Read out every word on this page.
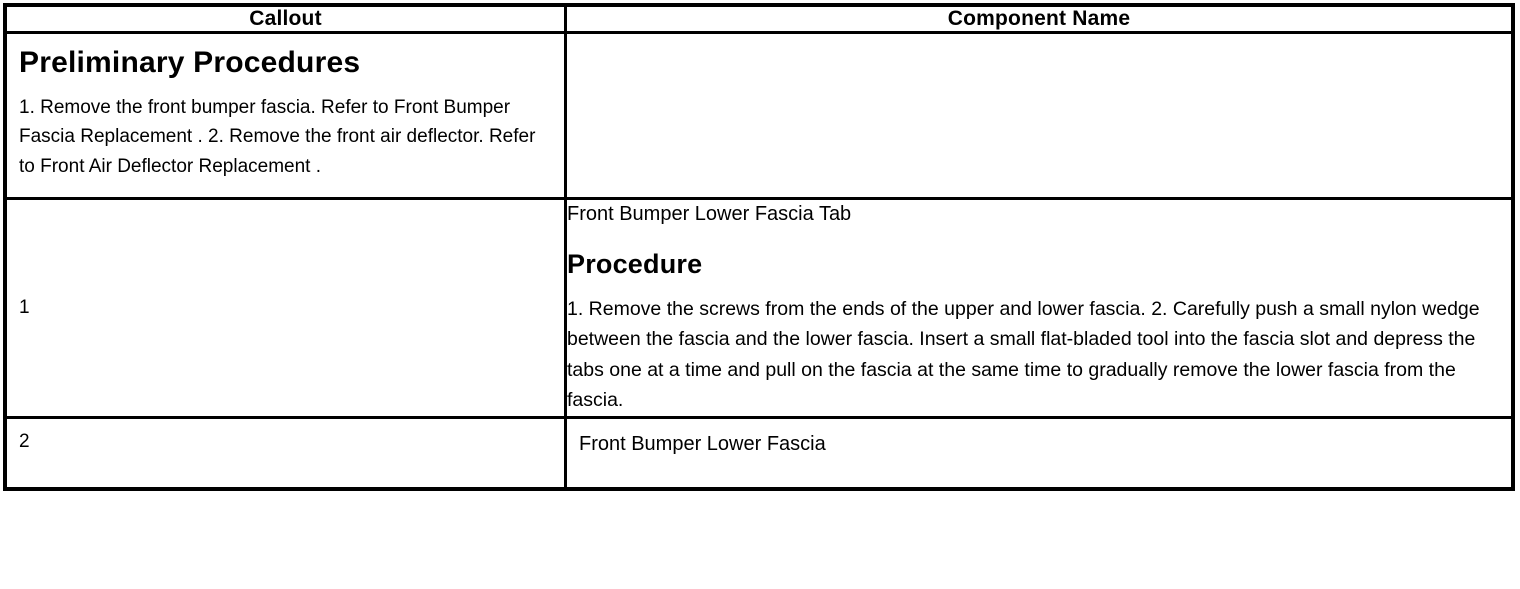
Callout	Component Name

Preliminary Procedures

1. Remove the front bumper fascia. Refer to Front Bumper Fascia Replacement . 2. Remove the front air deflector. Refer to Front Air Deflector Replacement .	

1	Front Bumper Lower Fascia Tab

Procedure

1. Remove the screws from the ends of the upper and lower fascia. 2. Carefully push a small nylon wedge between the fascia and the lower fascia. Insert a small flat-bladed tool into the fascia slot and depress the tabs one at a time and pull on the fascia at the same time to gradually remove the lower fascia from the fascia.

2	Front Bumper Lower Fascia
